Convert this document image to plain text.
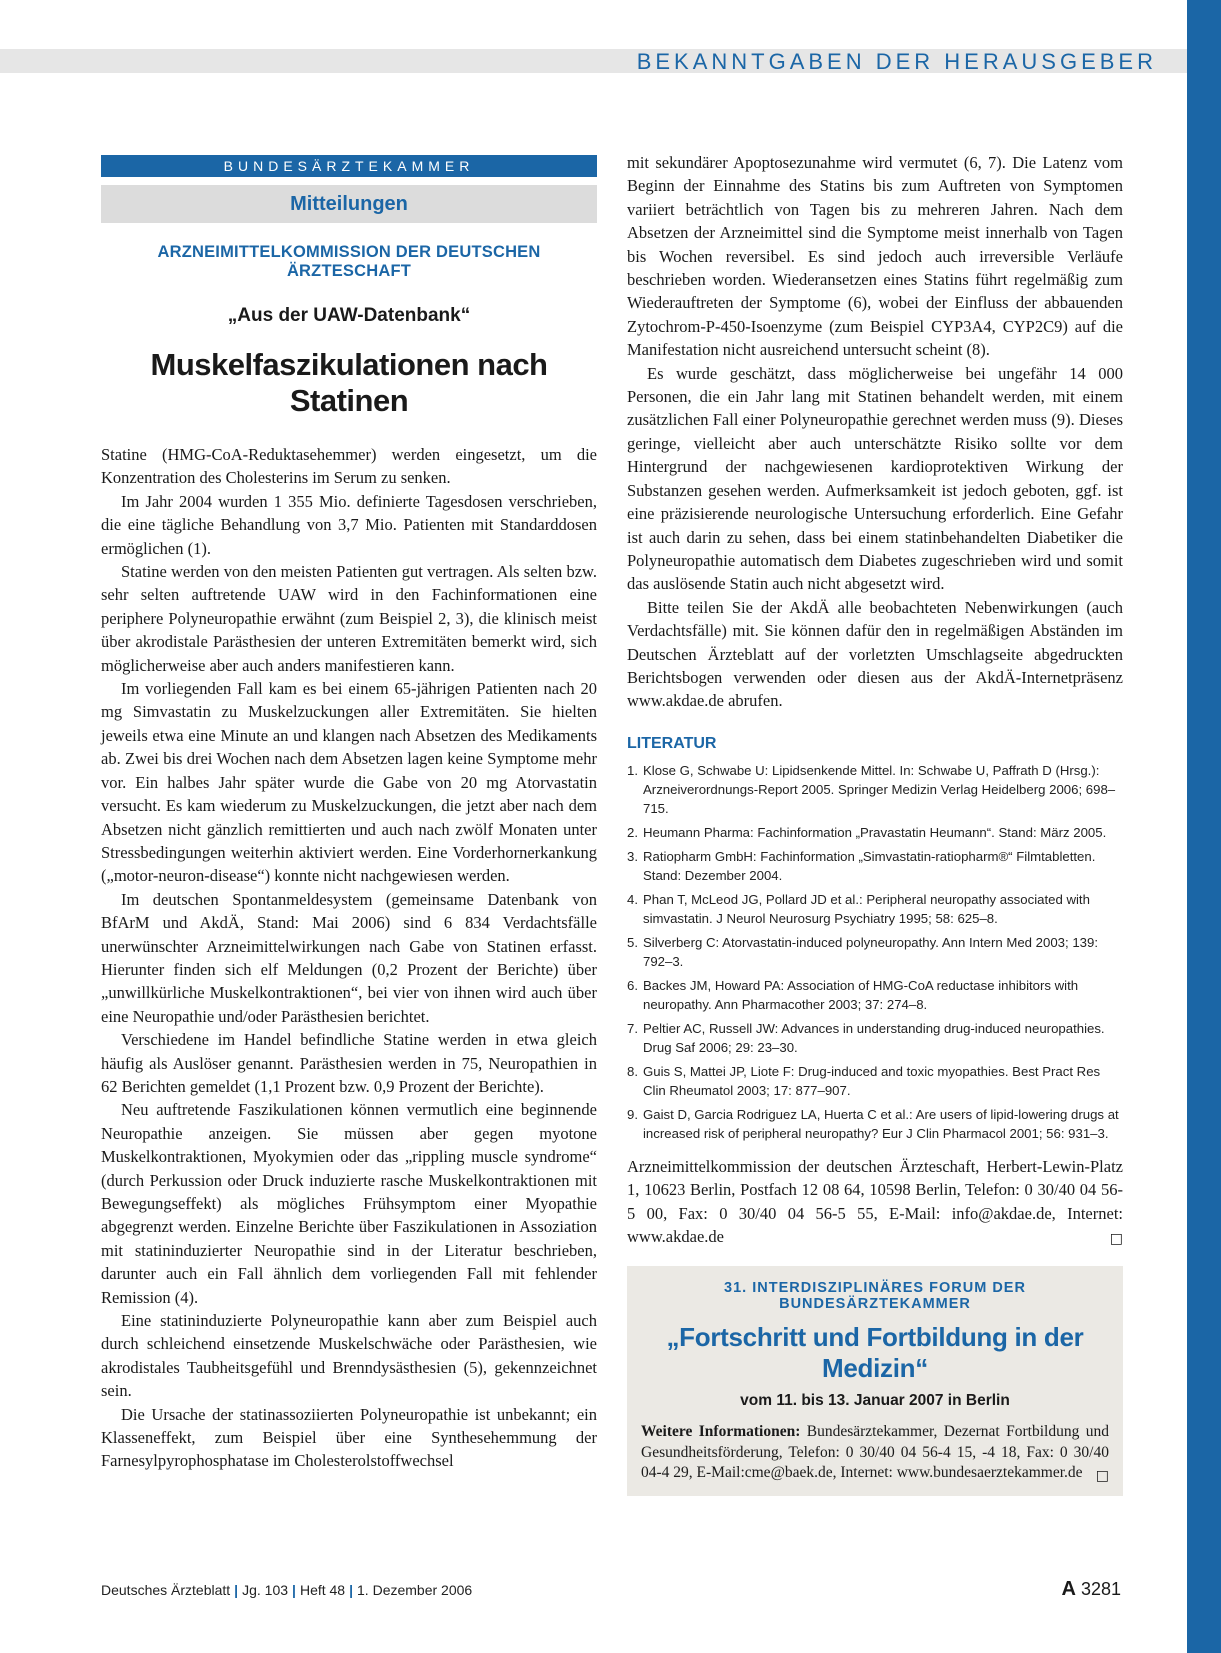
BEKANNTGABEN DER HERAUSGEBER
BUNDESÄRZTEKAMMER
Mitteilungen
ARZNEIMITTELKOMMISSION DER DEUTSCHEN ÄRZTESCHAFT
„Aus der UAW-Datenbank“
Muskelfaszikulationen nach Statinen

Statine (HMG-CoA-Reduktasehemmer) werden eingesetzt, um die Konzentration des Cholesterins im Serum zu senken.

Im Jahr 2004 wurden 1 355 Mio. definierte Tagesdosen verschrieben, die eine tägliche Behandlung von 3,7 Mio. Patienten mit Standarddosen ermöglichen (1).

Statine werden von den meisten Patienten gut vertragen. Als selten bzw. sehr selten auftretende UAW wird in den Fachinformationen eine periphere Polyneuropathie erwähnt (zum Beispiel 2, 3), die klinisch meist über akrodistale Parästhesien der unteren Extremitäten bemerkt wird, sich möglicherweise aber auch anders manifestieren kann.

Im vorliegenden Fall kam es bei einem 65-jährigen Patienten nach 20 mg Simvastatin zu Muskelzuckungen aller Extremitäten. Sie hielten jeweils etwa eine Minute an und klangen nach Absetzen des Medikaments ab. Zwei bis drei Wochen nach dem Absetzen lagen keine Symptome mehr vor. Ein halbes Jahr später wurde die Gabe von 20 mg Atorvastatin versucht. Es kam wiederum zu Muskelzuckungen, die jetzt aber nach dem Absetzen nicht gänzlich remittierten und auch nach zwölf Monaten unter Stressbedingungen weiterhin aktiviert werden. Eine Vorderhornerkankung („motor-neuron-disease“) konnte nicht nachgewiesen werden.

Im deutschen Spontanmeldesystem (gemeinsame Datenbank von BfArM und AkdÄ, Stand: Mai 2006) sind 6 834 Verdachtsfälle unerwünschter Arzneimittelwirkungen nach Gabe von Statinen erfasst. Hierunter finden sich elf Meldungen (0,2 Prozent der Berichte) über „unwillkürliche Muskelkontraktionen“, bei vier von ihnen wird auch über eine Neuropathie und/oder Parästhesien berichtet.

Verschiedene im Handel befindliche Statine werden in etwa gleich häufig als Auslöser genannt. Parästhesien werden in 75, Neuropathien in 62 Berichten gemeldet (1,1 Prozent bzw. 0,9 Prozent der Berichte).

Neu auftretende Faszikulationen können vermutlich eine beginnende Neuropathie anzeigen. Sie müssen aber gegen myotone Muskelkontraktionen, Myokymien oder das „rippling muscle syndrome“ (durch Perkussion oder Druck induzierte rasche Muskelkontraktionen mit Bewegungseffekt) als mögliches Frühsymptom einer Myopathie abgegrenzt werden. Einzelne Berichte über Faszikulationen in Assoziation mit statininduzierter Neuropathie sind in der Literatur beschrieben, darunter auch ein Fall ähnlich dem vorliegenden Fall mit fehlender Remission (4).

Eine statininduzierte Polyneuropathie kann aber zum Beispiel auch durch schleichend einsetzende Muskelschwäche oder Parästhesien, wie akrodistales Taubheitsgefühl und Brenndysästhesien (5), gekennzeichnet sein.

Die Ursache der statinassoziierten Polyneuropathie ist unbekannt; ein Klasseneffekt, zum Beispiel über eine Synthesehemmung der Farnesylpyrophosphatase im Cholesterolstoffwechsel

mit sekundärer Apoptosezunahme wird vermutet (6, 7). Die Latenz vom Beginn der Einnahme des Statins bis zum Auftreten von Symptomen variiert beträchtlich von Tagen bis zu mehreren Jahren. Nach dem Absetzen der Arzneimittel sind die Symptome meist innerhalb von Tagen bis Wochen reversibel. Es sind jedoch auch irreversible Verläufe beschrieben worden. Wiederansetzen eines Statins führt regelmäßig zum Wiederauftreten der Symptome (6), wobei der Einfluss der abbauenden Zytochrom-P-450-Isoenzyme (zum Beispiel CYP3A4, CYP2C9) auf die Manifestation nicht ausreichend untersucht scheint (8).

Es wurde geschätzt, dass möglicherweise bei ungefähr 14 000 Personen, die ein Jahr lang mit Statinen behandelt werden, mit einem zusätzlichen Fall einer Polyneuropathie gerechnet werden muss (9). Dieses geringe, vielleicht aber auch unterschätzte Risiko sollte vor dem Hintergrund der nachgewiesenen kardioprotektiven Wirkung der Substanzen gesehen werden. Aufmerksamkeit ist jedoch geboten, ggf. ist eine präzisierende neurologische Untersuchung erforderlich. Eine Gefahr ist auch darin zu sehen, dass bei einem statinbehandelten Diabetiker die Polyneuropathie automatisch dem Diabetes zugeschrieben wird und somit das auslösende Statin auch nicht abgesetzt wird.

Bitte teilen Sie der AkdÄ alle beobachteten Nebenwirkungen (auch Verdachtsfälle) mit. Sie können dafür den in regelmäßigen Abständen im Deutschen Ärzteblatt auf der vorletzten Umschlagseite abgedruckten Berichtsbogen verwenden oder diesen aus der AkdÄ-Internetpräsenz www.akdae.de abrufen.

LITERATUR
1. Klose G, Schwabe U: Lipidsenkende Mittel. In: Schwabe U, Paffrath D (Hrsg.): Arzneiverordnungs-Report 2005. Springer Medizin Verlag Heidelberg 2006; 698–715.
2. Heumann Pharma: Fachinformation „Pravastatin Heumann“. Stand: März 2005.
3. Ratiopharm GmbH: Fachinformation „Simvastatin-ratiopharm®“ Filmtabletten. Stand: Dezember 2004.
4. Phan T, McLeod JG, Pollard JD et al.: Peripheral neuropathy associated with simvastatin. J Neurol Neurosurg Psychiatry 1995; 58: 625–8.
5. Silverberg C: Atorvastatin-induced polyneuropathy. Ann Intern Med 2003; 139: 792–3.
6. Backes JM, Howard PA: Association of HMG-CoA reductase inhibitors with neuropathy. Ann Pharmacother 2003; 37: 274–8.
7. Peltier AC, Russell JW: Advances in understanding drug-induced neuropathies. Drug Saf 2006; 29: 23–30.
8. Guis S, Mattei JP, Liote F: Drug-induced and toxic myopathies. Best Pract Res Clin Rheumatol 2003; 17: 877–907.
9. Gaist D, Garcia Rodriguez LA, Huerta C et al.: Are users of lipid-lowering drugs at increased risk of peripheral neuropathy? Eur J Clin Pharmacol 2001; 56: 931–3.
Arzneimittelkommission der deutschen Ärzteschaft, Herbert-Lewin-Platz 1, 10623 Berlin, Postfach 12 08 64, 10598 Berlin, Telefon: 0 30/40 04 56-5 00, Fax: 0 30/40 04 56-5 55, E-Mail: info@akdae.de, Internet: www.akdae.de	□
31. INTERDISZIPLINÄRES FORUM DER BUNDESÄRZTEKAMMER
„Fortschritt und Fortbildung in der Medizin“
vom 11. bis 13. Januar 2007 in Berlin
Weitere Informationen: Bundesärztekammer, Dezernat Fortbildung und Gesundheitsförderung, Telefon: 0 30/40 04 56-4 15, -4 18, Fax: 0 30/40 04-4 29, E-Mail:cme@baek.de, Internet: www.bundesaerztekammer.de □
Deutsches Ärzteblatt | Jg. 103 | Heft 48 | 1. Dezember 2006	A 3281
